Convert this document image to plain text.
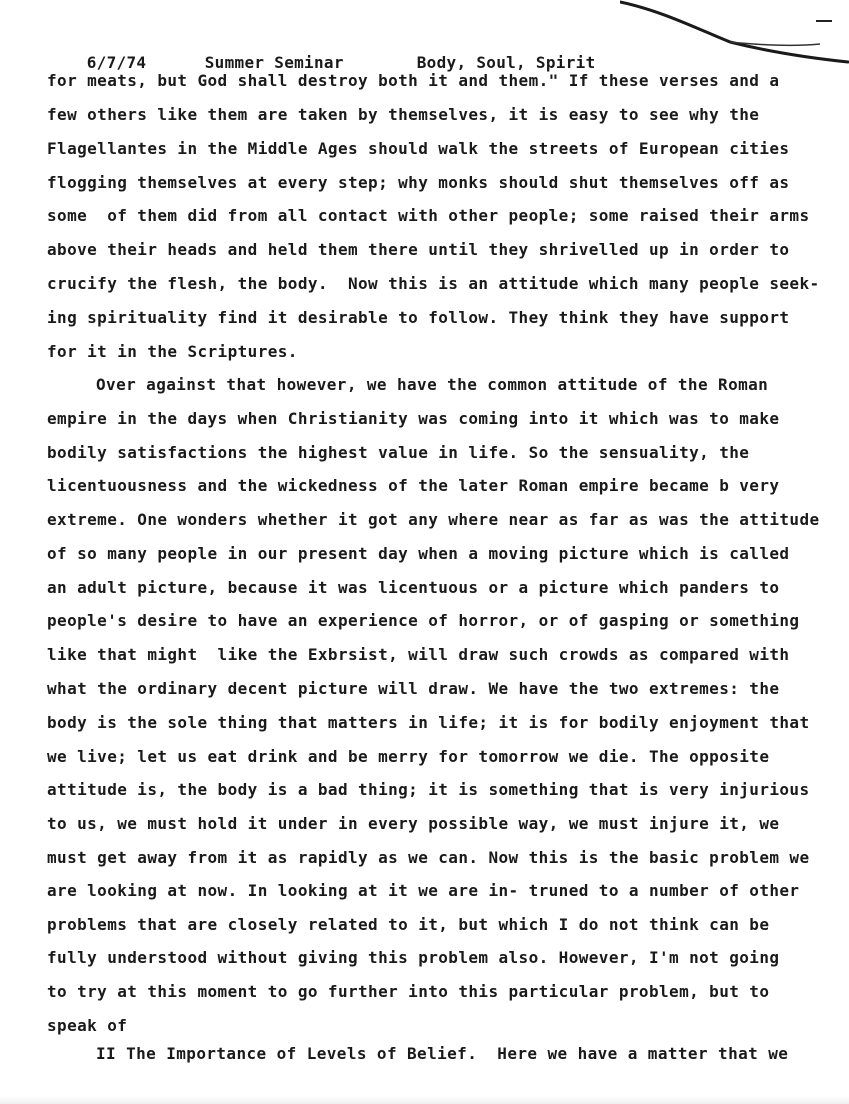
6/7/74	Summer Seminar	Body, Soul, Spirit

for meats, but God shall destroy both it and them." If these verses and a
few others like them are taken by themselves, it is easy to see why the
Flagellantes in the Middle Ages should walk the streets of European cities
flogging themselves at every step; why monks should shut themselves off as
some  of them did from all contact with other people; some raised their arms
above their heads and held them there until they shrivelled up in order to
crucify the flesh, the body.  Now this is an attitude which many people seek-
ing spirituality find it desirable to follow. They think they have support
for it in the Scriptures.
Over against that however, we have the common attitude of the Roman
empire in the days when Christianity was coming into it which was to make
bodily satisfactions the highest value in life. So the sensuality, the
licentuousness and the wickedness of the later Roman empire became b very
extreme. One wonders whether it got any where near as far as was the attitude
of so many people in our present day when a moving picture which is called
an adult picture, because it was licentuous or a picture which panders to
people's desire to have an experience of horror, or of gasping or something
like that might  like the Exbrsist, will draw such crowds as compared with
what the ordinary decent picture will draw. We have the two extremes: the
body is the sole thing that matters in life; it is for bodily enjoyment that
we live; let us eat drink and be merry for tomorrow we die. The opposite
attitude is, the body is a bad thing; it is something that is very injurious
to us, we must hold it under in every possible way, we must injure it, we
must get away from it as rapidly as we can. Now this is the basic problem we
are looking at now. In looking at it we are in- truned to a number of other
problems that are closely related to it, but which I do not think can be
fully understood without giving this problem also. However, I'm not going
to try at this moment to go further into this particular problem, but to
speak of
II The Importance of Levels of Belief.  Here we have a matter that we
